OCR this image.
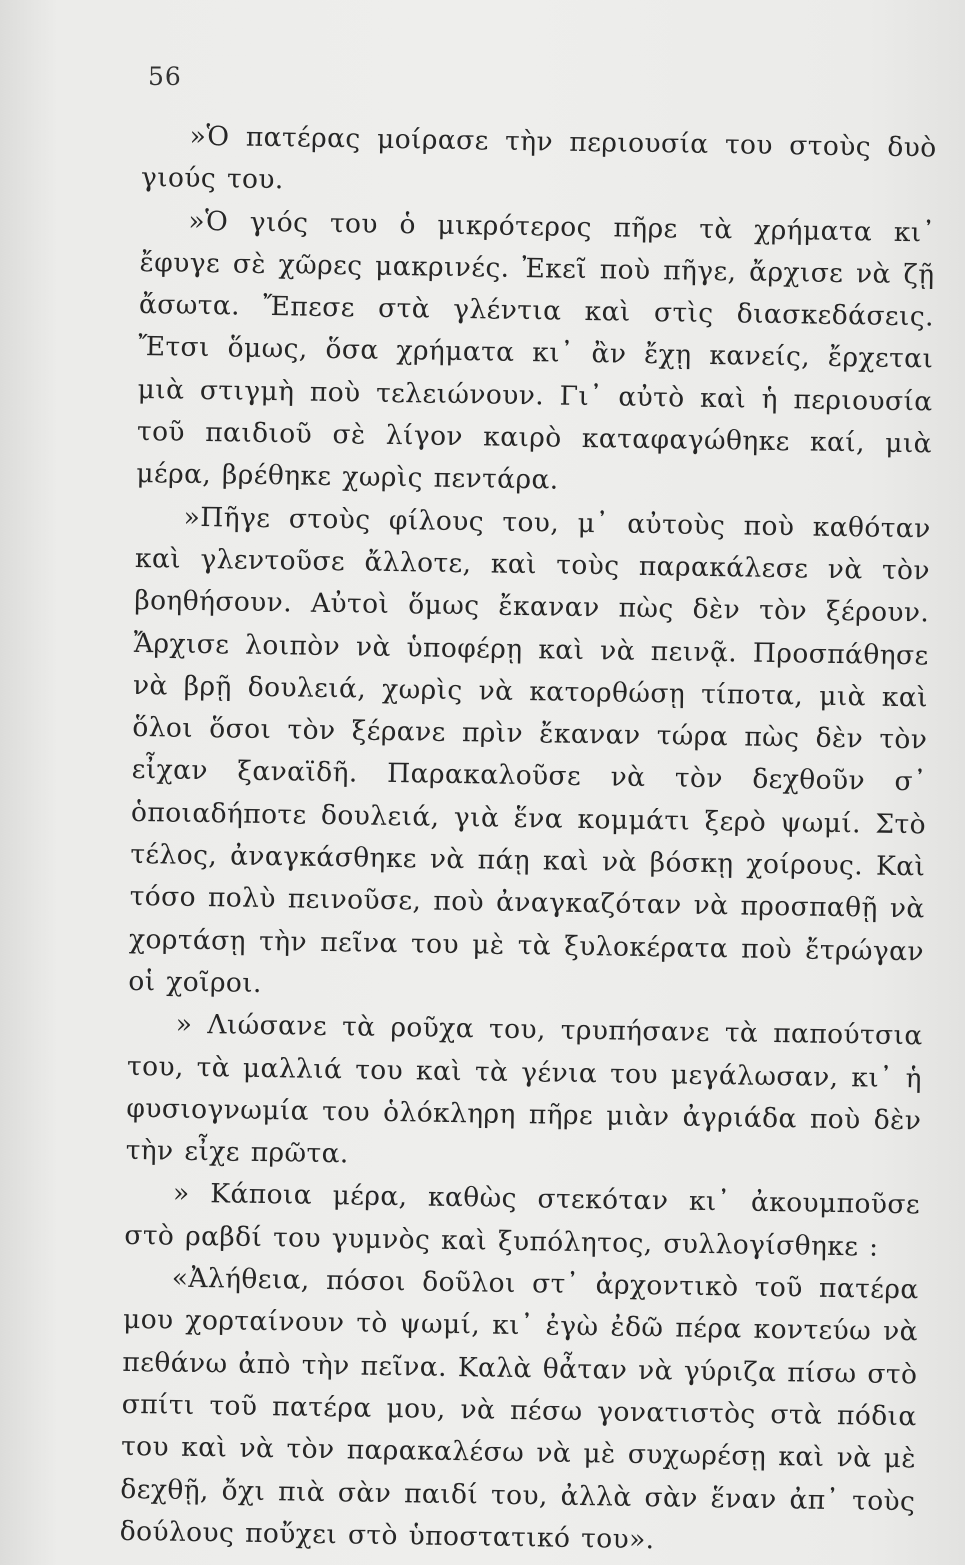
56

»Ὁ πατέρας μοίρασε τὴν περιουσία του στοὺς δυὸ γιούς του.

»Ὁ γιός του ὁ μικρότερος πῆρε τὰ χρήματα κι᾿ ἔφυγε σὲ χῶρες μακρινές. Ἐκεῖ ποὺ πῆγε, ἄρχισε νὰ ζῇ ἄσωτα. Ἔπεσε στὰ γλέντια καὶ στὶς διασκεδάσεις. Ἔτσι ὅμως, ὅσα χρήματα κι᾿ ἂν ἔχῃ κανείς, ἔρχεται μιὰ στιγμὴ ποὺ τελειώνουν. Γι᾿ αὐτὸ καὶ ἡ περιουσία τοῦ παιδιοῦ σὲ λίγον καιρὸ καταφαγώθηκε καί, μιὰ μέρα, βρέθηκε χωρὶς πεντάρα.

»Πῆγε στοὺς φίλους του, μ᾿ αὐτοὺς ποὺ καθόταν καὶ γλεντοῦσε ἄλλοτε, καὶ τοὺς παρακάλεσε νὰ τὸν βοηθήσουν. Αὐτοὶ ὅμως ἔκαναν πὼς δὲν τὸν ξέρουν. Ἄρχισε λοιπὸν νὰ ὑποφέρῃ καὶ νὰ πεινᾷ. Προσπάθησε νὰ βρῇ δουλειά, χωρὶς νὰ κατορθώσῃ τίποτα, μιὰ καὶ ὅλοι ὅσοι τὸν ξέρανε πρὶν ἔκαναν τώρα πὼς δὲν τὸν εἶχαν ξαναϊδῆ. Παρακαλοῦσε νὰ τὸν δεχθοῦν σ᾿ ὁποιαδήποτε δουλειά, γιὰ ἕνα κομμάτι ξερὸ ψωμί. Στὸ τέλος, ἀναγκάσθηκε νὰ πάῃ καὶ νὰ βόσκῃ χοίρους. Καὶ τόσο πολὺ πεινοῦσε, ποὺ ἀναγκαζόταν νὰ προσπαθῇ νὰ χορτάσῃ τὴν πεῖνα του μὲ τὰ ξυλοκέρατα ποὺ ἔτρώγαν οἱ χοῖροι.

» Λιώσανε τὰ ροῦχα του, τρυπήσανε τὰ παπούτσια του, τὰ μαλλιά του καὶ τὰ γένια του μεγάλωσαν, κι᾿ ἡ φυσιογνωμία του ὁλόκληρη πῆρε μιὰν ἀγριάδα ποὺ δὲν τὴν εἶχε πρῶτα.

» Κάποια μέρα, καθὼς στεκόταν κι᾿ ἀκουμποῦσε στὸ ραβδί του γυμνὸς καὶ ξυπόλητος, συλλογίσθηκε :

«Ἀλήθεια, πόσοι δοῦλοι στ᾿ ἀρχοντικὸ τοῦ πατέρα μου χορταίνουν τὸ ψωμί, κι᾿ ἐγὼ ἐδῶ πέρα κοντεύω νὰ πεθάνω ἀπὸ τὴν πεῖνα. Καλὰ θἆταν νὰ γύριζα πίσω στὸ σπίτι τοῦ πατέρα μου, νὰ πέσω γονατιστὸς στὰ πόδια του καὶ νὰ τὸν παρακαλέσω νὰ μὲ συχωρέσῃ καὶ νὰ μὲ δεχθῇ, ὄχι πιὰ σὰν παιδί του, ἀλλὰ σὰν ἕναν ἀπ᾿ τοὺς δούλους ποὔχει στὸ ὑποστατικό του».
